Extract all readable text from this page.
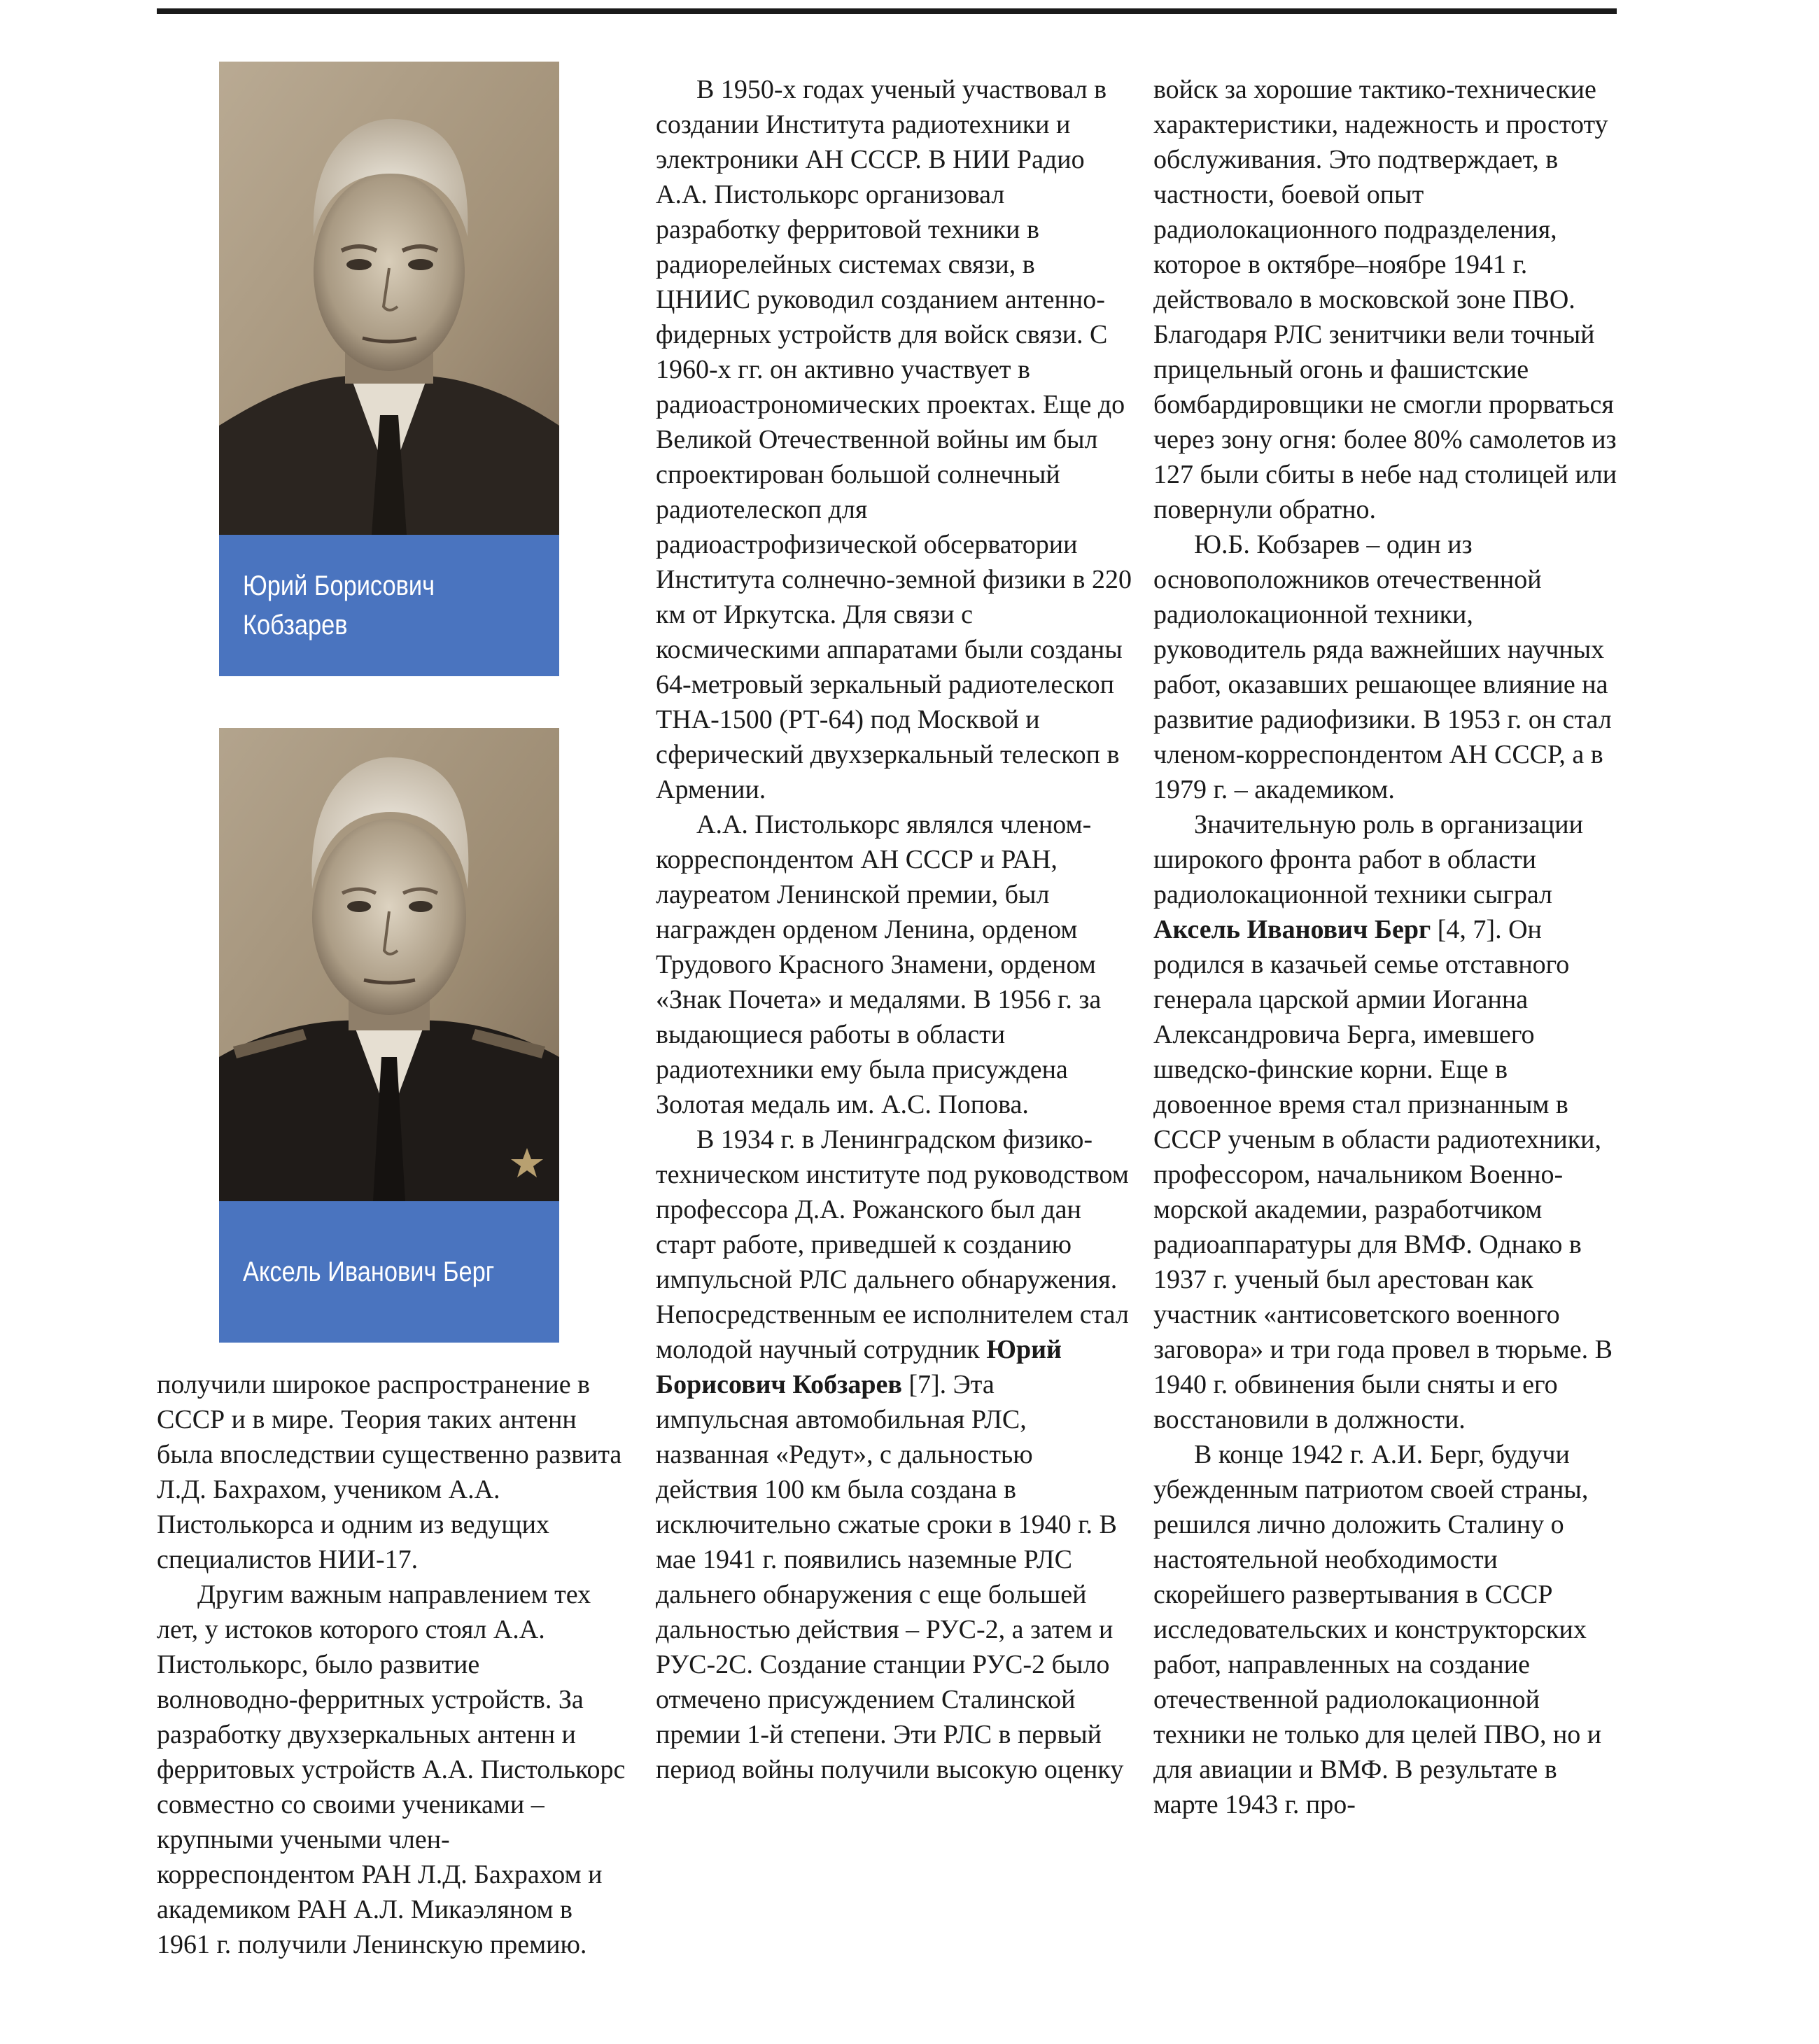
Юрий Борисович Кобзарев
Аксель Иванович Берг

получили широкое распространение в СССР и в мире. Теория таких антенн была впоследствии существенно развита Л.Д. Бахрахом, учеником А.А. Пистолькорса и одним из ведущих специалистов НИИ-17.

Другим важным направлением тех лет, у истоков которого стоял А.А. Пистолькорс, было развитие волноводно-ферритных устройств. За разработку двухзеркальных антенн и ферритовых устройств А.А. Пистолькорс совместно со своими учениками – крупными учеными член-корреспондентом РАН Л.Д. Бахрахом и академиком РАН А.Л. Микаэляном в 1961 г. получили Ленинскую премию.

В 1950-х годах ученый участвовал в создании Института радиотехники и электроники АН СССР. В НИИ Радио А.А. Пистолькорс организовал разработку ферритовой техники в радиорелейных системах связи, в ЦНИИС руководил созданием антенно-фидерных устройств для войск связи. С 1960-х гг. он активно участвует в радиоастрономических проектах. Еще до Великой Отечественной войны им был спроектирован большой солнечный радиотелескоп для радиоастрофизической обсерватории Института солнечно-земной физики в 220 км от Иркутска. Для связи с космическими аппаратами были созданы 64-метровый зеркальный радиотелескоп ТНА-1500 (РТ-64) под Москвой и сферический двухзеркальный телескоп в Армении.

А.А. Пистолькорс являлся членом-корреспондентом АН СССР и РАН, лауреатом Ленинской премии, был награжден орденом Ленина, орденом Трудового Красного Знамени, орденом «Знак Почета» и медалями. В 1956 г. за выдающиеся работы в области радиотехники ему была присуждена Золотая медаль им. А.С. Попова.

В 1934 г. в Ленинградском физико-техническом институте под руководством профессора Д.А. Рожанского был дан старт работе, приведшей к созданию импульсной РЛС дальнего обнаружения. Непосредственным ее исполнителем стал молодой научный сотрудник Юрий Борисович Кобзарев [7]. Эта импульсная автомобильная РЛС, названная «Редут», с дальностью действия 100 км была создана в исключительно сжатые сроки в 1940 г. В мае 1941 г. появились наземные РЛС дальнего обнаружения с еще большей дальностью действия – РУС-2, а затем и РУС-2С. Создание станции РУС-2 было отмечено присуждением Сталинской премии 1-й степени. Эти РЛС в первый период войны получили высокую оценку

войск за хорошие тактико-технические характеристики, надежность и простоту обслуживания. Это подтверждает, в частности, боевой опыт радиолокационного подразделения, которое в октябре–ноябре 1941 г. действовало в московской зоне ПВО. Благодаря РЛС зенитчики вели точный прицельный огонь и фашистские бомбардировщики не смогли прорваться через зону огня: более 80% самолетов из 127 были сбиты в небе над столицей или повернули обратно.

Ю.Б. Кобзарев – один из основоположников отечественной радиолокационной техники, руководитель ряда важнейших научных работ, оказавших решающее влияние на развитие радиофизики. В 1953 г. он стал членом-корреспондентом АН СССР, а в 1979 г. – академиком.

Значительную роль в организации широкого фронта работ в области радиолокационной техники сыграл Аксель Иванович Берг [4, 7]. Он родился в казачьей семье отставного генерала царской армии Иоганна Александровича Берга, имевшего шведско-финские корни. Еще в довоенное время стал признанным в СССР ученым в области радиотехники, профессором, начальником Военно-морской академии, разработчиком радиоаппаратуры для ВМФ. Однако в 1937 г. ученый был арестован как участник «антисоветского военного заговора» и три года провел в тюрьме. В 1940 г. обвинения были сняты и его восстановили в должности.

В конце 1942 г. А.И. Берг, будучи убежденным патриотом своей страны, решился лично доложить Сталину о настоятельной необходимости скорейшего развертывания в СССР исследовательских и конструкторских работ, направленных на создание отечественной радиолокационной техники не только для целей ПВО, но и для авиации и ВМФ. В результате в марте 1943 г. про-
